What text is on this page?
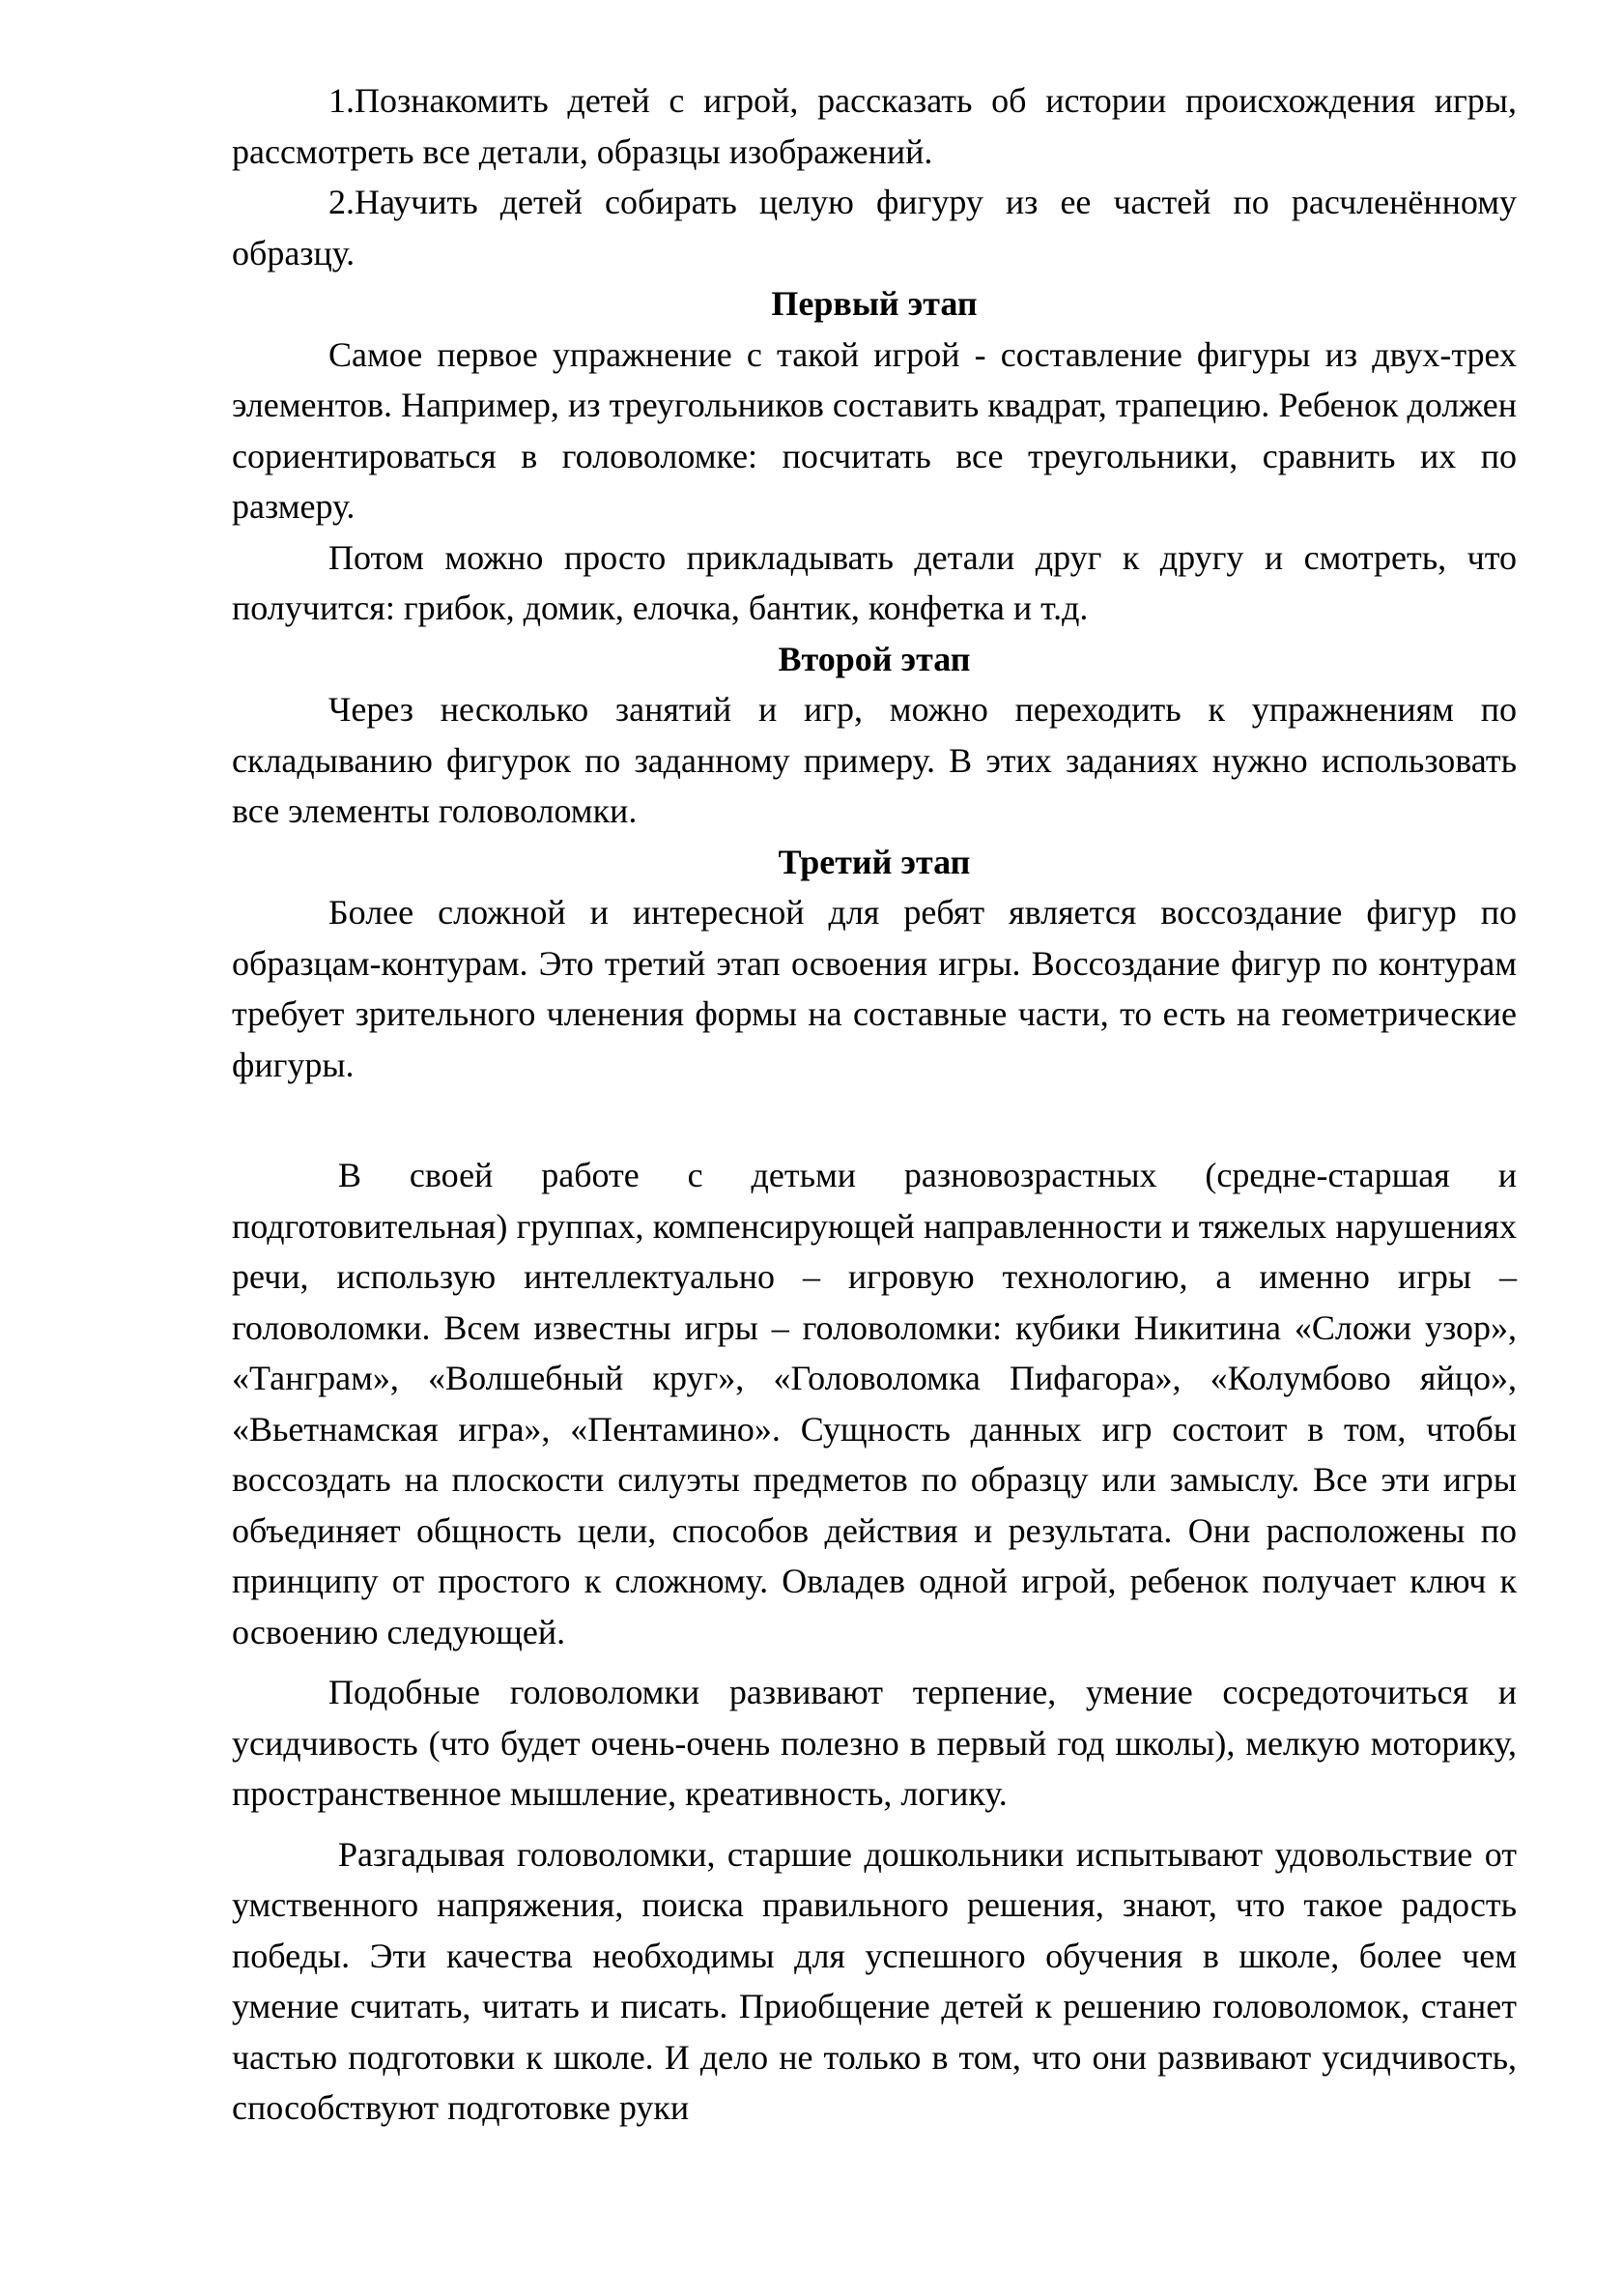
1.Познакомить детей с игрой, рассказать об истории происхождения игры, рассмотреть все детали, образцы изображений.

2.Научить детей собирать целую фигуру из ее частей по расчленённому образцу.

Первый этап

Самое первое упражнение с такой игрой - составление фигуры из двух-трех элементов. Например, из треугольников составить квадрат, трапецию. Ребенок должен сориентироваться в головоломке: посчитать все треугольники, сравнить их по размеру.

Потом можно просто прикладывать детали друг к другу и смотреть, что получится: грибок, домик, елочка, бантик, конфетка и т.д.

Второй этап

Через несколько занятий и игр, можно переходить к упражнениям по складыванию фигурок по заданному примеру. В этих заданиях нужно использовать все элементы головоломки.

Третий этап

Более сложной и интересной для ребят является воссоздание фигур по образцам-контурам. Это третий этап освоения игры. Воссоздание фигур по контурам требует зрительного членения формы на составные части, то есть на геометрические фигуры.

В своей работе с детьми разновозрастных (средне-старшая и подготовительная) группах, компенсирующей направленности и тяжелых нарушениях речи, использую интеллектуально – игровую технологию, а именно игры – головоломки. Всем известны игры – головоломки: кубики Никитина «Сложи узор», «Танграм», «Волшебный круг», «Головоломка Пифагора», «Колумбово яйцо», «Вьетнамская игра», «Пентамино». Сущность данных игр состоит в том, чтобы воссоздать на плоскости силуэты предметов по образцу или замыслу. Все эти игры объединяет общность цели, способов действия и результата. Они расположены по принципу от простого к сложному. Овладев одной игрой, ребенок получает ключ к освоению следующей.

Подобные головоломки развивают терпение, умение сосредоточиться и усидчивость (что будет очень-очень полезно в первый год школы), мелкую моторику, пространственное мышление, креативность, логику.

Разгадывая головоломки, старшие дошкольники испытывают удовольствие от умственного напряжения, поиска правильного решения, знают, что такое радость победы. Эти качества необходимы для успешного обучения в школе, более чем умение считать, читать и писать. Приобщение детей к решению головоломок, станет частью подготовки к школе. И дело не только в том, что они развивают усидчивость, способствуют подготовке руки
